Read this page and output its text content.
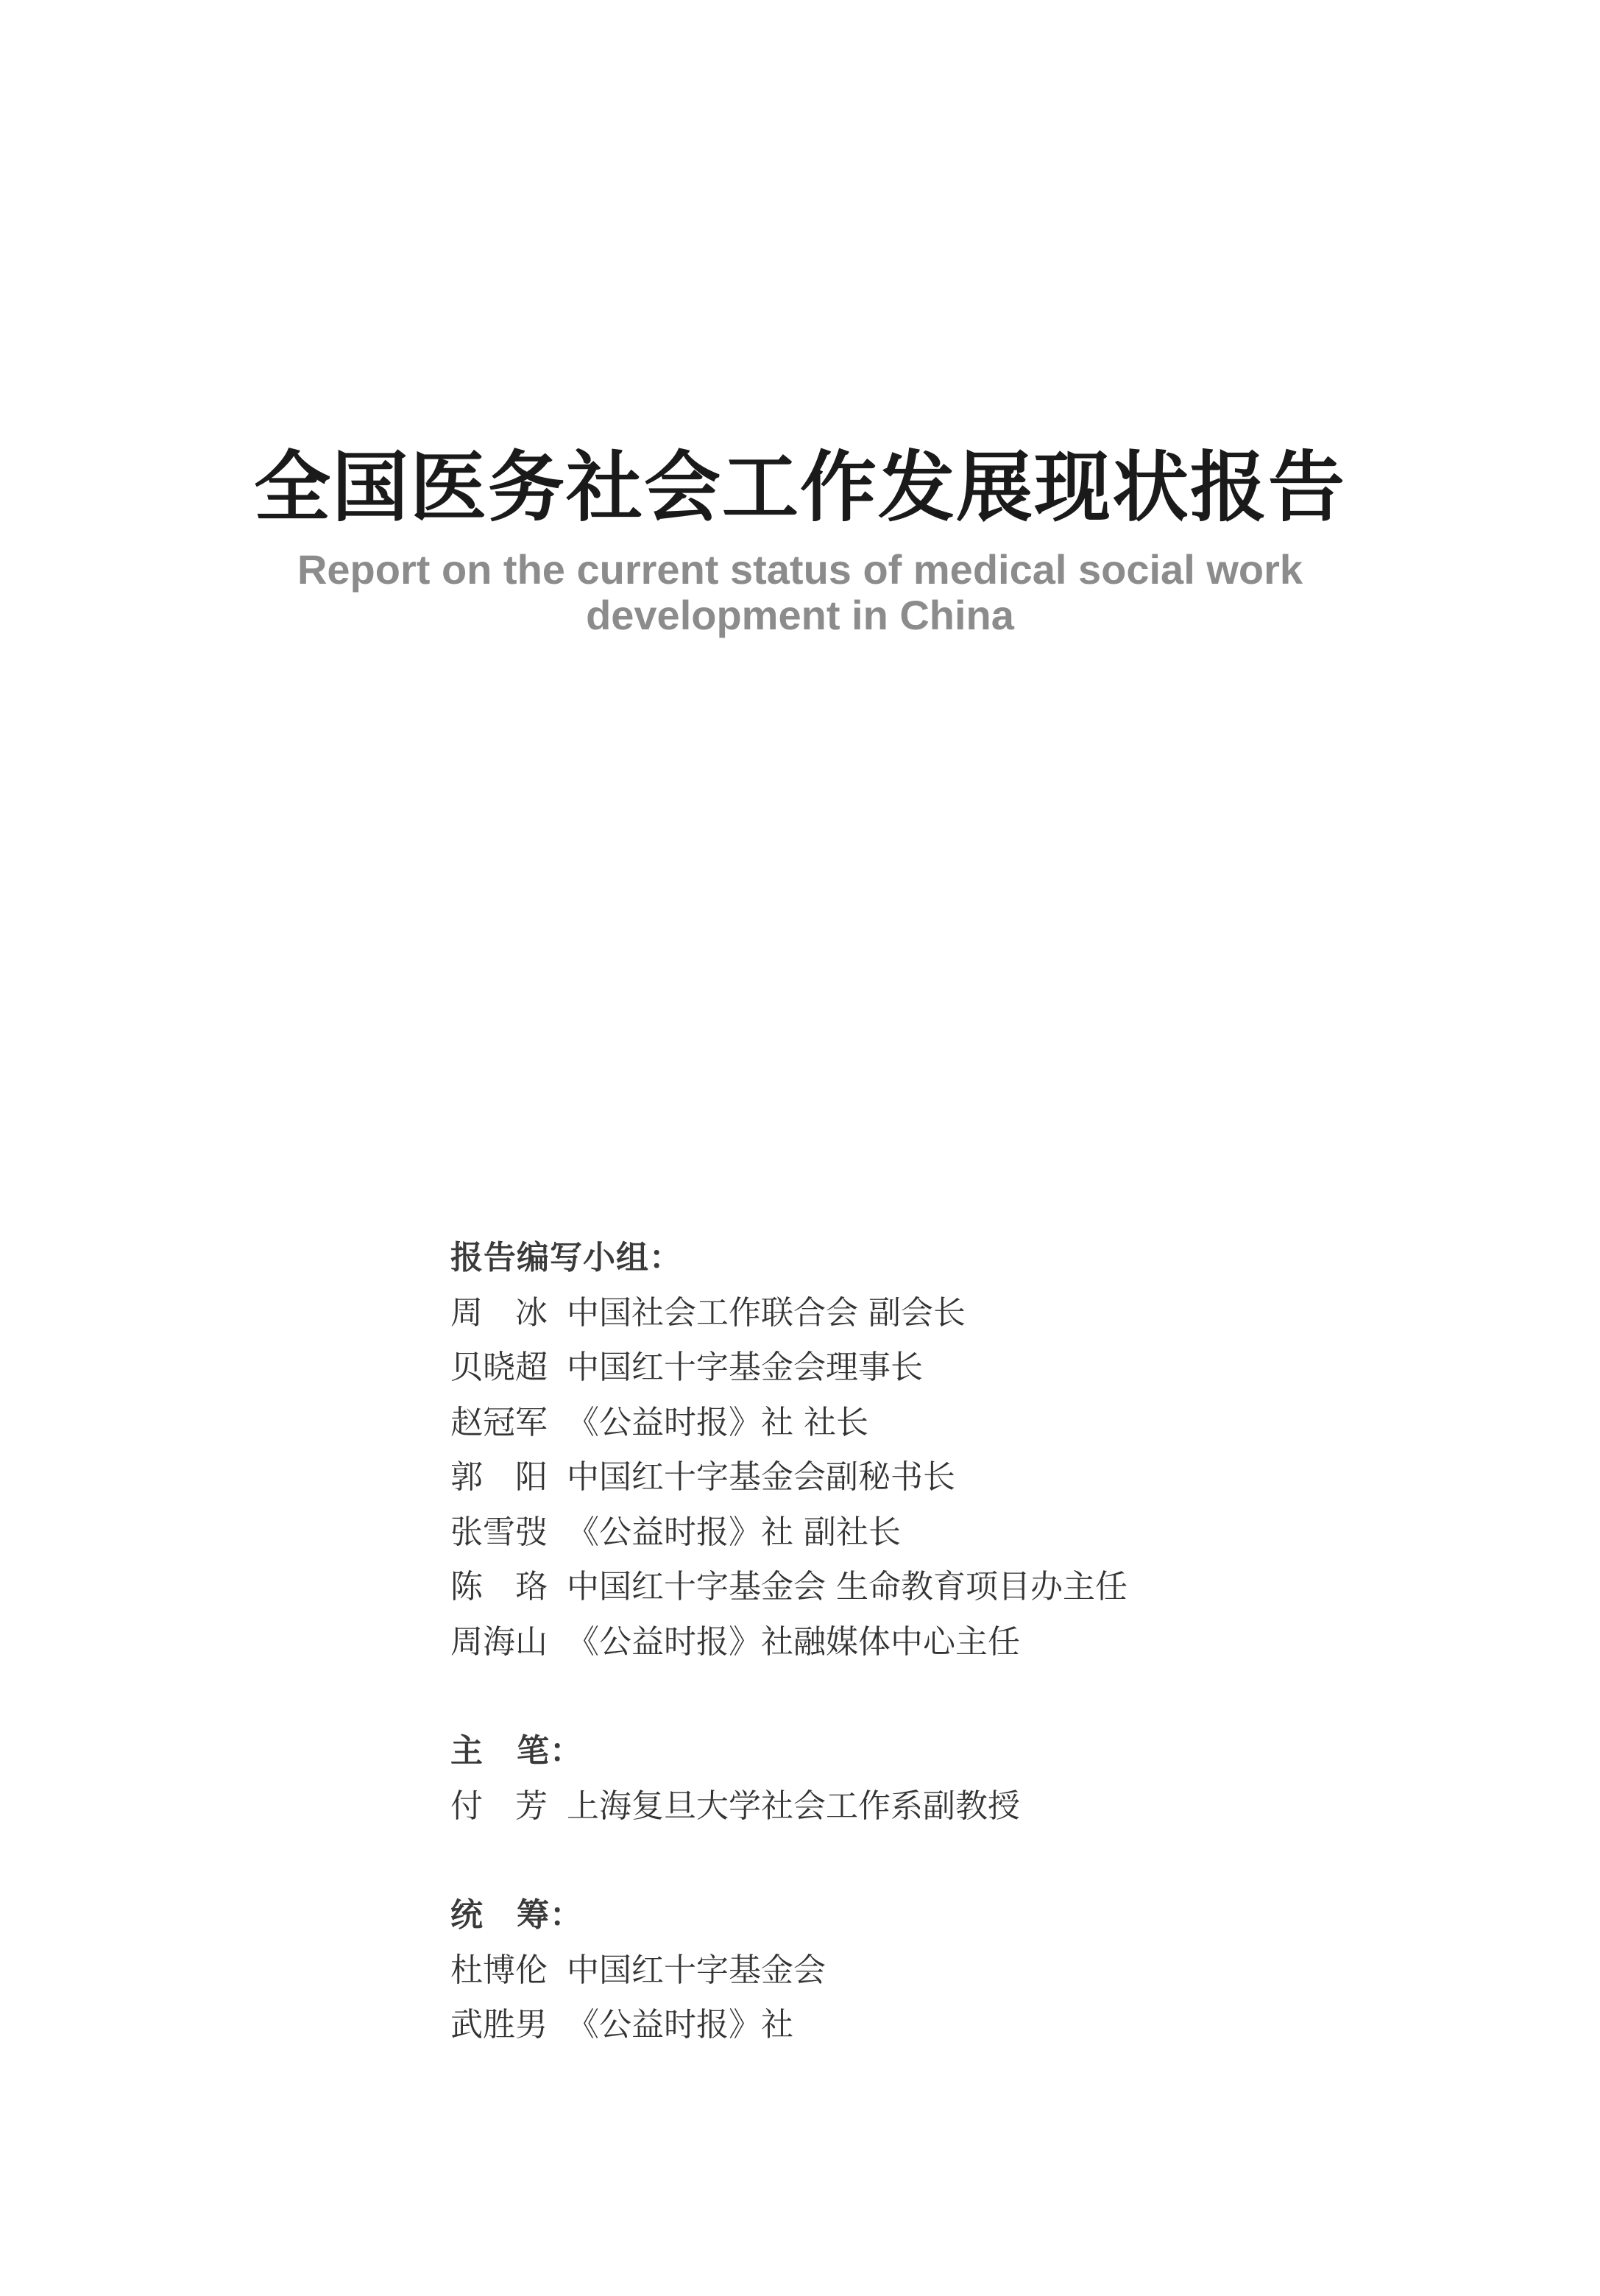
全国医务社会工作发展现状报告
Report on the current status of medical social work
development in China
报告编写小组：
周　冰 中国社会工作联合会 副会长
贝晓超 中国红十字基金会理事长
赵冠军 《公益时报》社 社长
郭　阳 中国红十字基金会副秘书长
张雪弢 《公益时报》社 副社长
陈　珞 中国红十字基金会 生命教育项目办主任
周海山 《公益时报》社融媒体中心主任
主　笔：
付　芳 上海复旦大学社会工作系副教授
统　筹：
杜博伦 中国红十字基金会
武胜男 《公益时报》社
